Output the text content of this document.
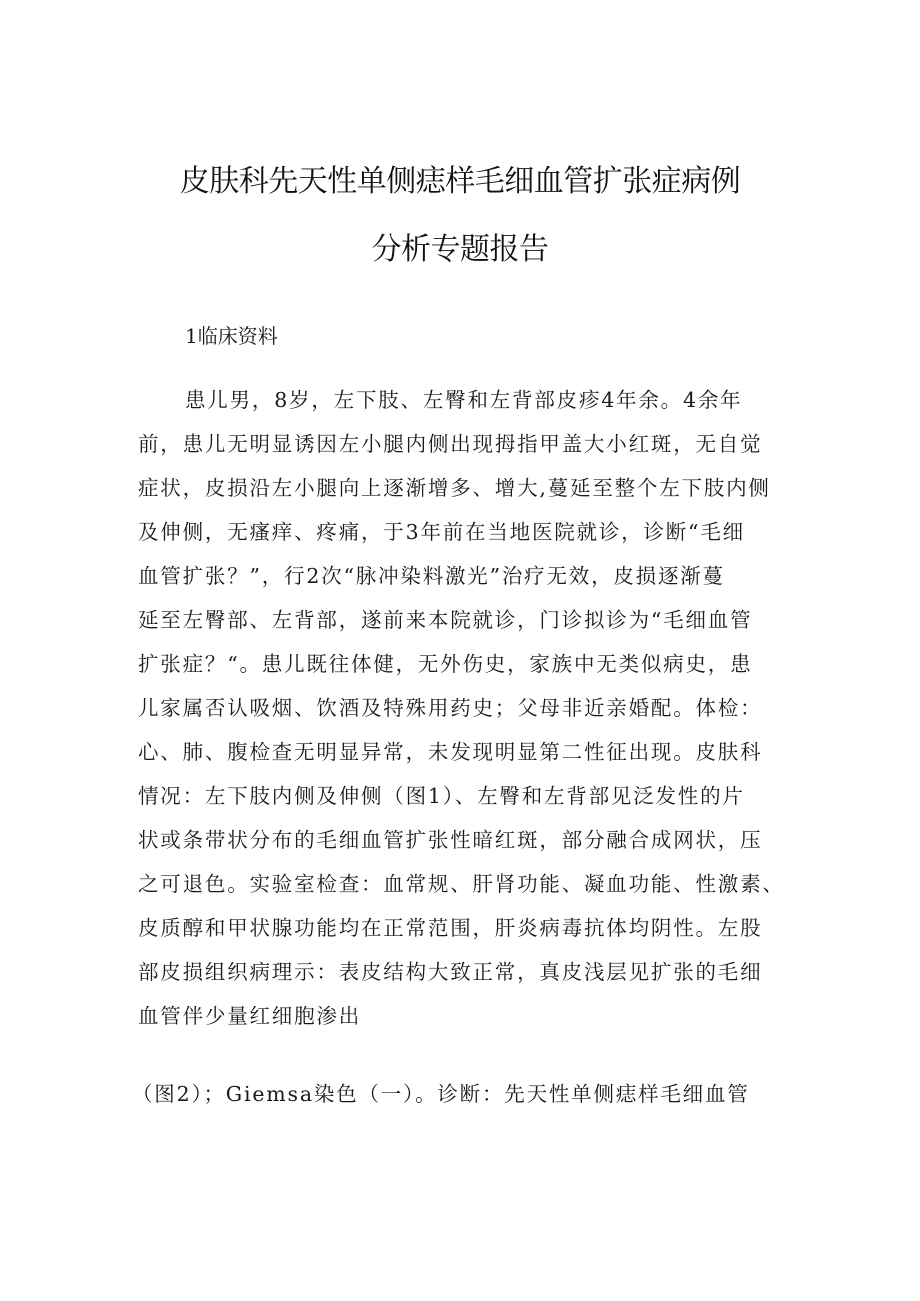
皮肤科先天性单侧痣样毛细血管扩张症病例
分析专题报告
1临床资料
患儿男，8岁，左下肢、左臀和左背部皮疹4年余。4余年
前，患儿无明显诱因左小腿内侧出现拇指甲盖大小红斑，无自觉
症状，皮损沿左小腿向上逐渐增多、增大,蔓延至整个左下肢内侧
及伸侧，无瘙痒、疼痛，于3年前在当地医院就诊，诊断“毛细
血管扩张？”，行2次“脉冲染料激光”治疗无效，皮损逐渐蔓
延至左臀部、左背部，遂前来本院就诊，门诊拟诊为“毛细血管
扩张症？“。患儿既往体健，无外伤史，家族中无类似病史，患
儿家属否认吸烟、饮酒及特殊用药史；父母非近亲婚配。体检：
心、肺、腹检查无明显异常，未发现明显第二性征出现。皮肤科
情况：左下肢内侧及伸侧（图1）、左臀和左背部见泛发性的片
状或条带状分布的毛细血管扩张性暗红斑，部分融合成网状，压
之可退色。实验室检查：血常规、肝肾功能、凝血功能、性激素、
皮质醇和甲状腺功能均在正常范围，肝炎病毒抗体均阴性。左股
部皮损组织病理示：表皮结构大致正常，真皮浅层见扩张的毛细
血管伴少量红细胞渗出
（图2）；Giemsa染色（一）。诊断：先天性单侧痣样毛细血管
